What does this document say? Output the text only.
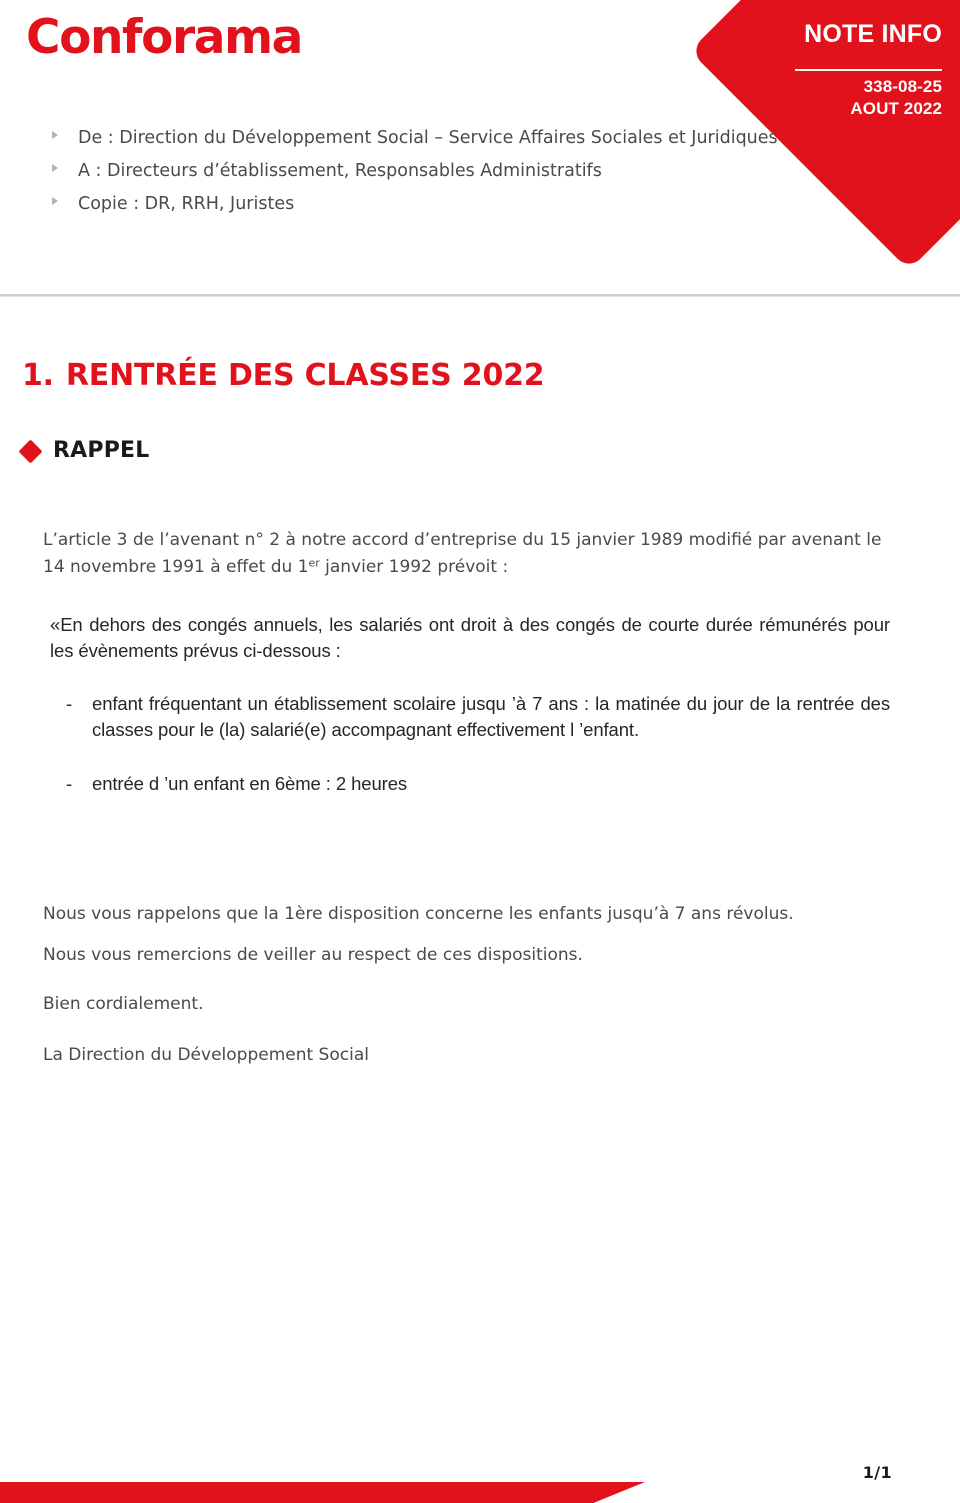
Conforama	NOTE INFO
338-08-25
AOUT 2022
De : Direction du Développement Social – Service Affaires Sociales et Juridiques
A : Directeurs d’établissement, Responsables Administratifs
Copie : DR, RRH, Juristes
1. RENTRÉE DES CLASSES 2022
RAPPEL

L’article 3 de l’avenant n° 2 à notre accord d’entreprise du 15 janvier 1989 modifié par avenant le 14 novembre 1991 à effet du 1er janvier 1992 prévoit :

«En dehors des congés annuels, les salariés ont droit à des congés de courte durée rémunérés pour les évènements prévus ci-dessous :

-	enfant fréquentant un établissement scolaire jusqu ’à 7 ans : la matinée du jour de la rentrée des classes pour le (la) salarié(e) accompagnant effectivement l ’enfant.
-	entrée d ’un enfant en 6ème : 2 heures

Nous vous rappelons que la 1ère disposition concerne les enfants jusqu’à 7 ans révolus.

Nous vous remercions de veiller au respect de ces dispositions.

Bien cordialement.

La Direction du Développement Social

1/1
